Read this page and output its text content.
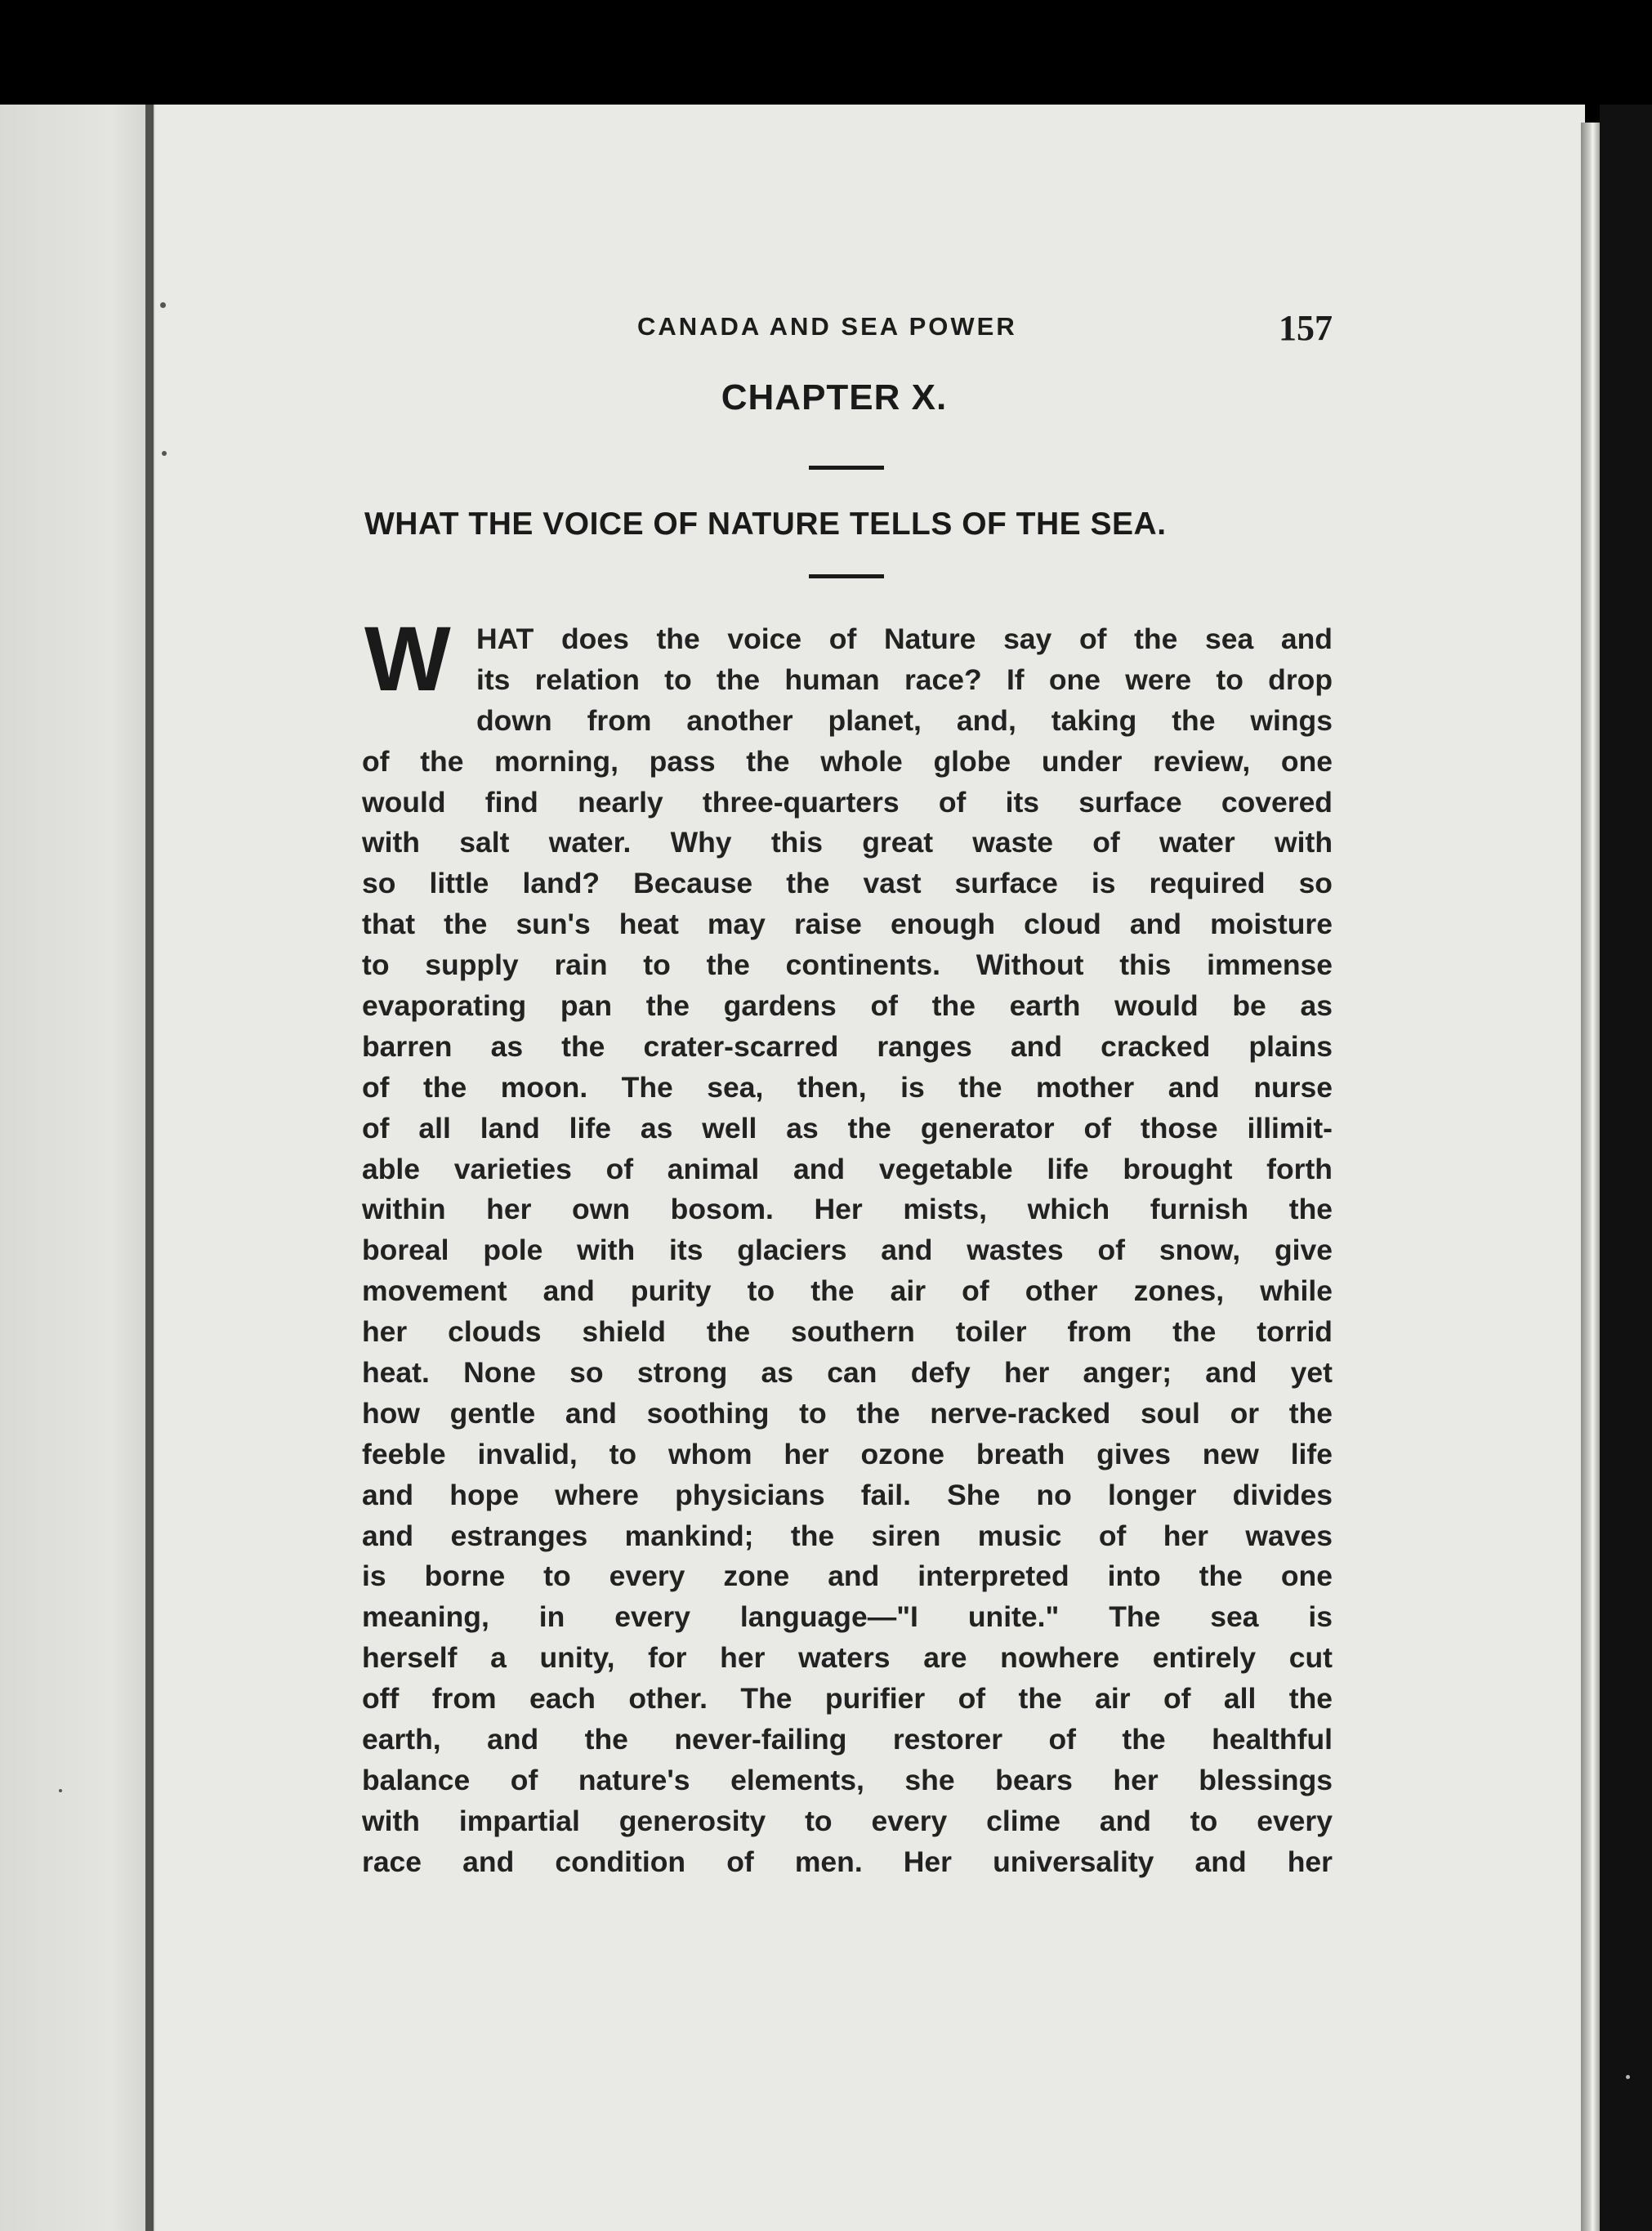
CANADA AND SEA POWER	157
CHAPTER X.
WHAT THE VOICE OF NATURE TELLS OF THE SEA.
W HAT does the voice of Nature say of the sea and
its relation to the human race? If one were to drop
down from another planet, and, taking the wings
of the morning, pass the whole globe under review, one
would find nearly three-quarters of its surface covered
with salt water. Why this great waste of water with
so little land? Because the vast surface is required so
that the sun's heat may raise enough cloud and moisture
to supply rain to the continents. Without this immense
evaporating pan the gardens of the earth would be as
barren as the crater-scarred ranges and cracked plains
of the moon. The sea, then, is the mother and nurse
of all land life as well as the generator of those illimit-
able varieties of animal and vegetable life brought forth
within her own bosom. Her mists, which furnish the
boreal pole with its glaciers and wastes of snow, give
movement and purity to the air of other zones, while
her clouds shield the southern toiler from the torrid
heat. None so strong as can defy her anger; and yet
how gentle and soothing to the nerve-racked soul or the
feeble invalid, to whom her ozone breath gives new life
and hope where physicians fail. She no longer divides
and estranges mankind; the siren music of her waves
is borne to every zone and interpreted into the one
meaning, in every language—"I unite." The sea is
herself a unity, for her waters are nowhere entirely cut
off from each other. The purifier of the air of all the
earth, and the never-failing restorer of the healthful
balance of nature's elements, she bears her blessings
with impartial generosity to every clime and to every
race and condition of men. Her universality and her
